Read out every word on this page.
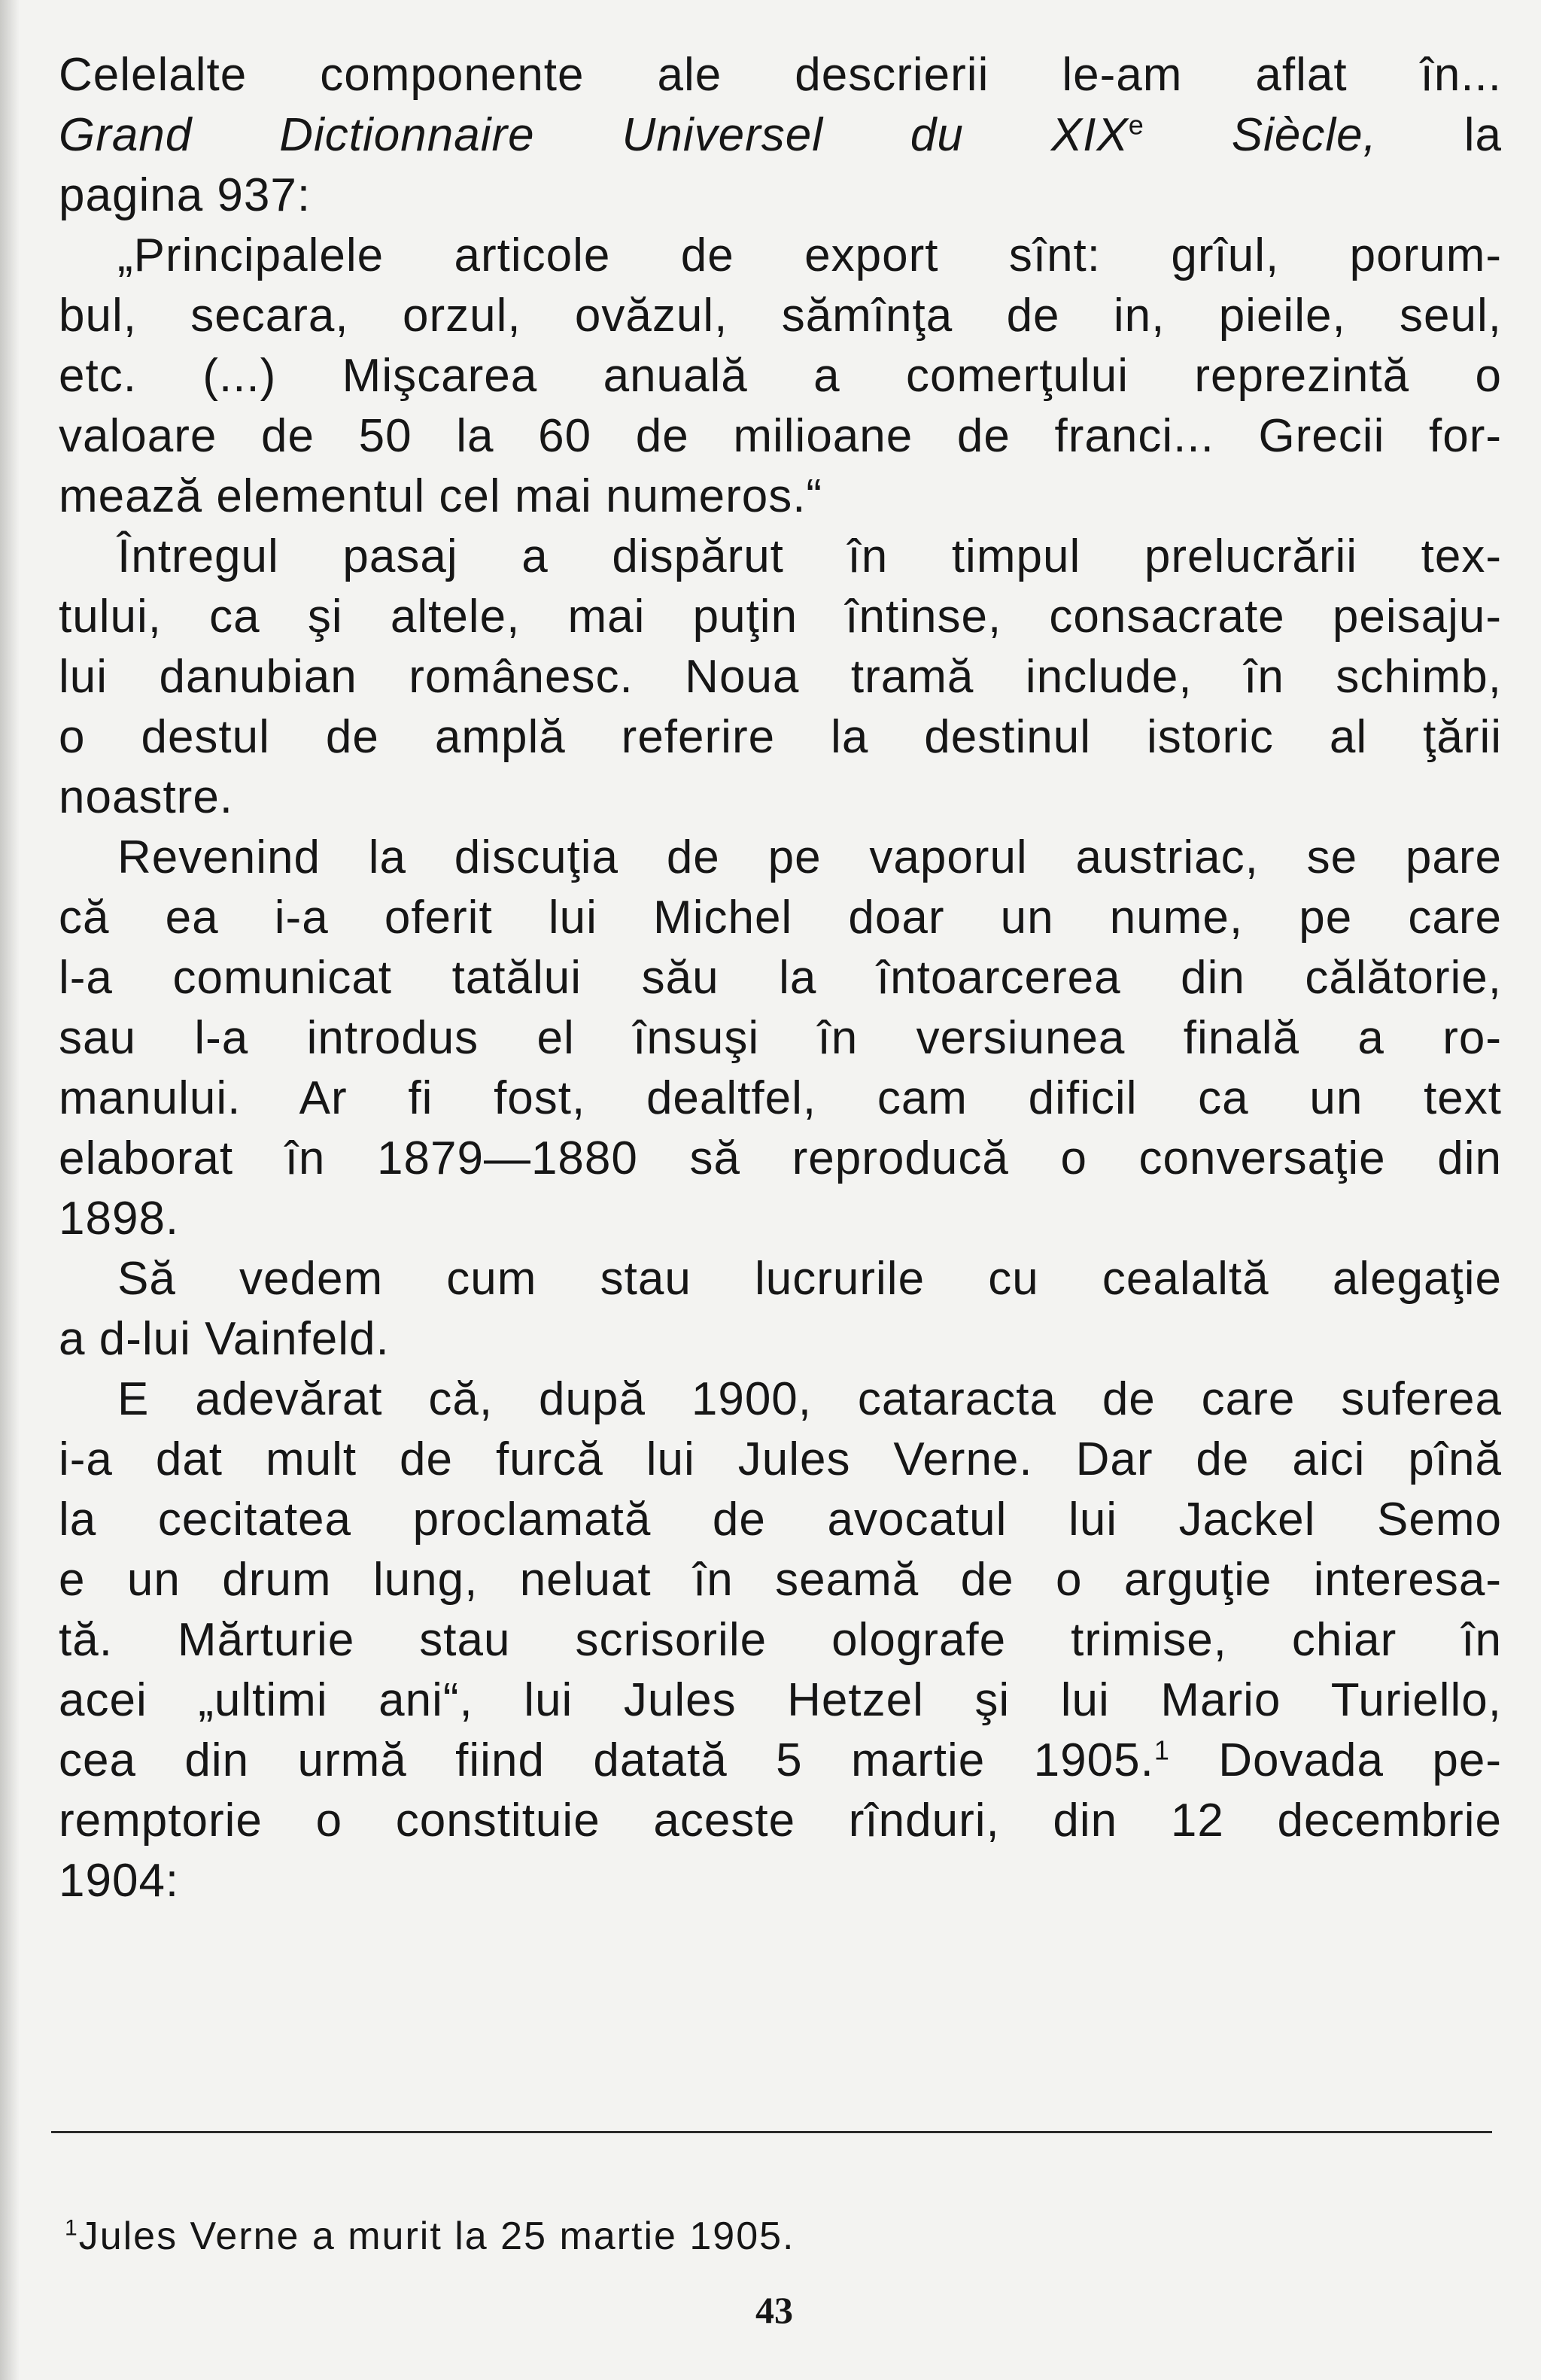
Celelalte componente ale descrierii le-am aflat în...
Grand Dictionnaire Universel du XIXe Siècle, la
pagina 937:
„Principalele articole de export sînt: grîul, porum-
bul, secara, orzul, ovăzul, sămînţa de in, pieile, seul,
etc. (...) Mişcarea anuală a comerţului reprezintă o
valoare de 50 la 60 de milioane de franci... Grecii for-
mează elementul cel mai numeros.“
Întregul pasaj a dispărut în timpul prelucrării tex-
tului, ca şi altele, mai puţin întinse, consacrate peisaju-
lui danubian românesc. Noua tramă include, în schimb,
o destul de amplă referire la destinul istoric al ţării
noastre.
Revenind la discuţia de pe vaporul austriac, se pare
că ea i-a oferit lui Michel doar un nume, pe care
l-a comunicat tatălui său la întoarcerea din călătorie,
sau l-a introdus el însuşi în versiunea finală a ro-
manului. Ar fi fost, dealtfel, cam dificil ca un text
elaborat în 1879—1880 să reproducă o conversaţie din
1898.
Să vedem cum stau lucrurile cu cealaltă alegaţie
a d-lui Vainfeld.
E adevărat că, după 1900, cataracta de care suferea
i-a dat mult de furcă lui Jules Verne. Dar de aici pînă
la cecitatea proclamată de avocatul lui Jackel Semo
e un drum lung, neluat în seamă de o arguţie interesa-
tă. Mărturie stau scrisorile olografe trimise, chiar în
acei „ultimi ani“, lui Jules Hetzel şi lui Mario Turiello,
cea din urmă fiind datată 5 martie 1905.$^1$ Dovada pe-
remptorie o constituie aceste rînduri, din 12 decembrie
1904:
$^1$Jules Verne a murit la 25 martie 1905.
43
